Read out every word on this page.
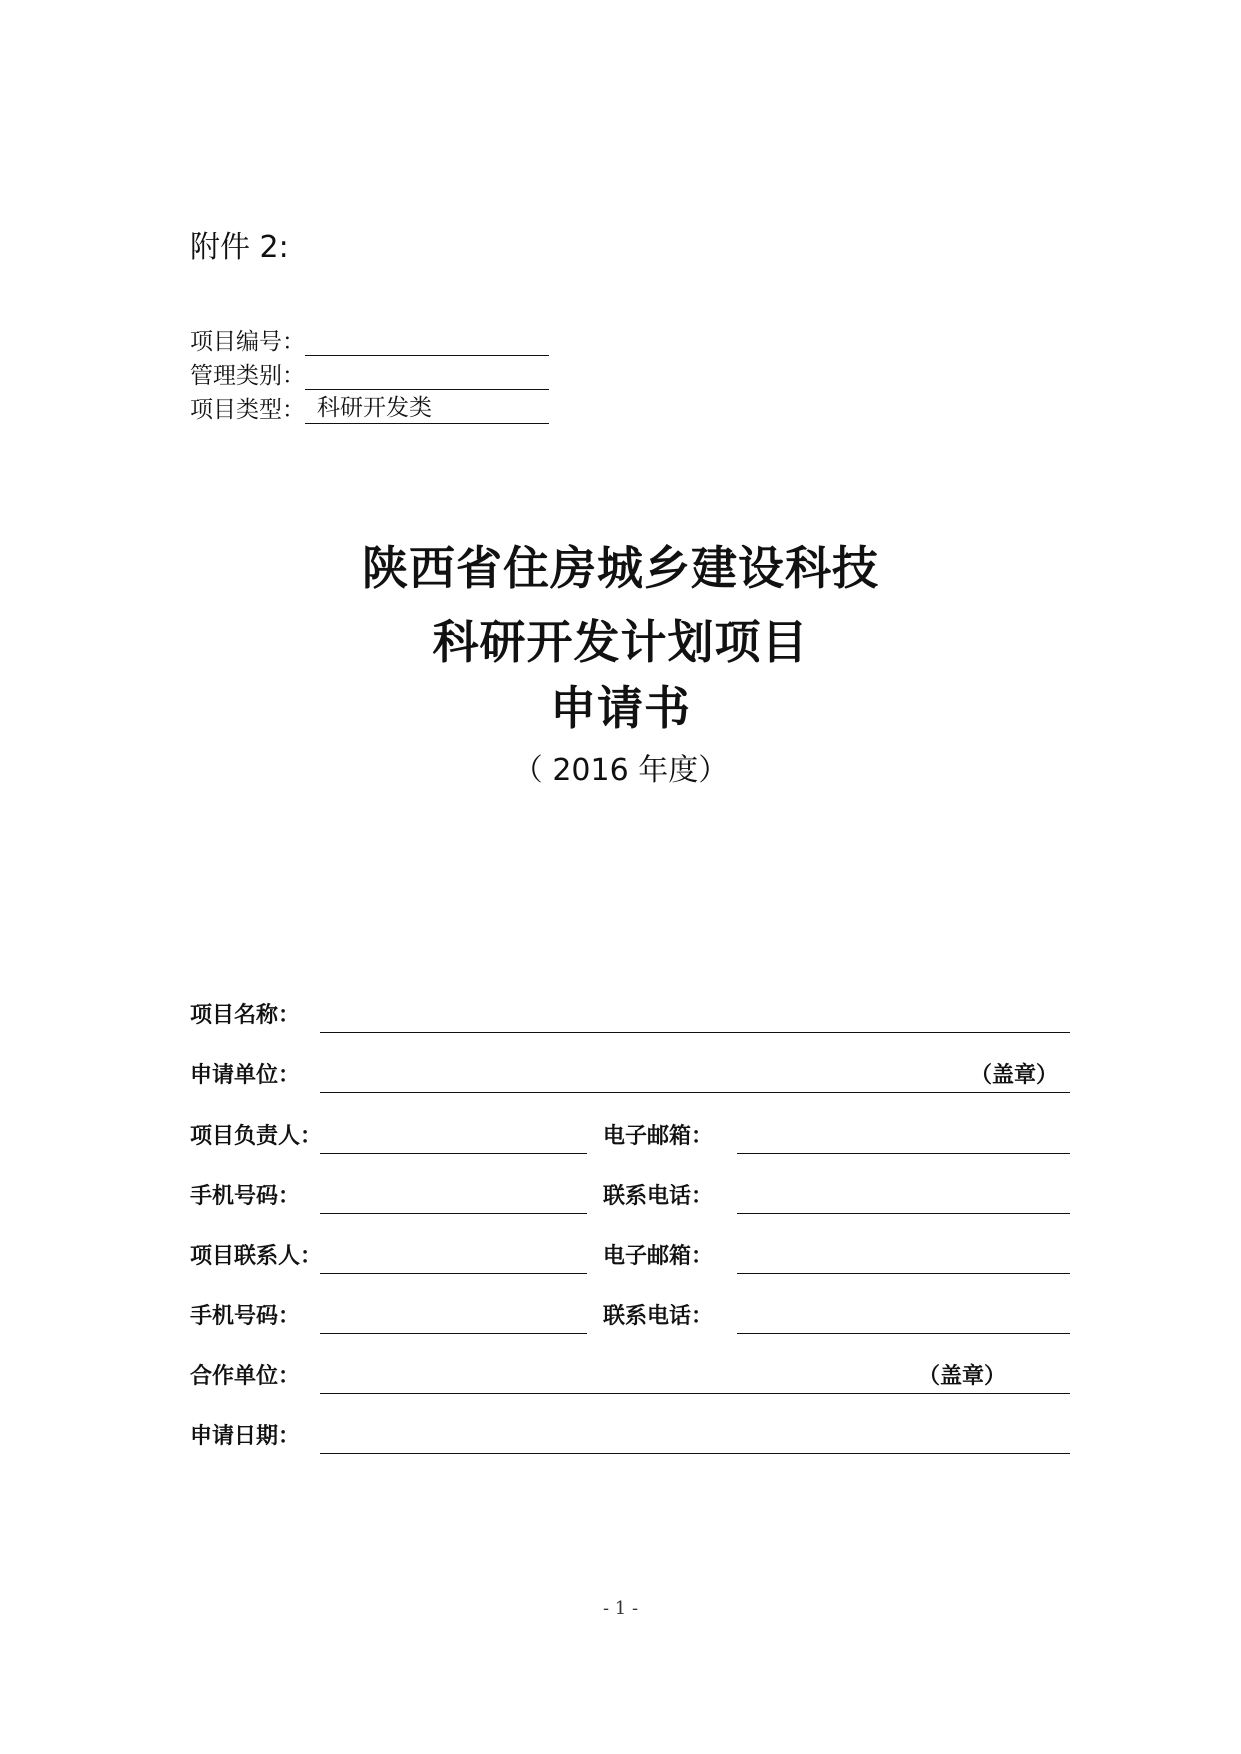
附件 2:
项目编号：
管理类别：
项目类型： 科研开发类
陕西省住房城乡建设科技
科研开发计划项目
申请书
（ 2016 年度）
项目名称：
申请单位：	（盖章）
项目负责人：	电子邮箱：
手机号码：	联系电话：
项目联系人：	电子邮箱：
手机号码：	联系电话：
合作单位：	（盖章）
申请日期：
- 1 -
